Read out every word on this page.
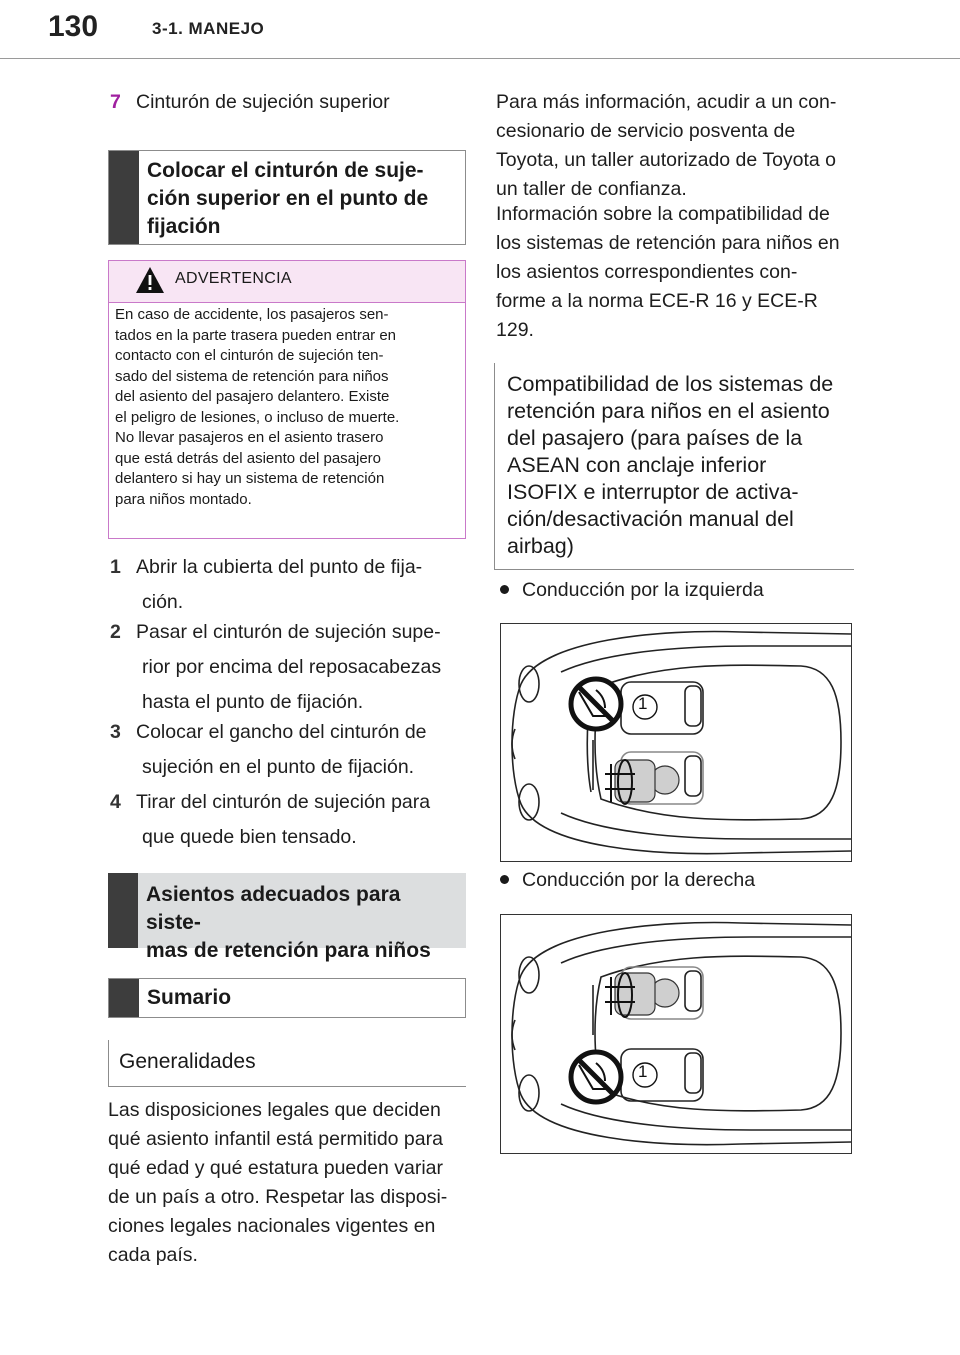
130	3-1. MANEJO
7 Cinturón de sujeción superior
Colocar el cinturón de suje-
ción superior en el punto de
fijación
ADVERTENCIA
En caso de accidente, los pasajeros sen-
tados en la parte trasera pueden entrar en
contacto con el cinturón de sujeción ten-
sado del sistema de retención para niños
del asiento del pasajero delantero. Existe
el peligro de lesiones, o incluso de muerte.
No llevar pasajeros en el asiento trasero
que está detrás del asiento del pasajero
delantero si hay un sistema de retención
para niños montado.
1 Abrir la cubierta del punto de fija-
ción.
2 Pasar el cinturón de sujeción supe-
rior por encima del reposacabezas
hasta el punto de fijación.
3 Colocar el gancho del cinturón de
sujeción en el punto de fijación.
4 Tirar del cinturón de sujeción para
que quede bien tensado.
Asientos adecuados para siste-
mas de retención para niños
Sumario
Generalidades
Las disposiciones legales que deciden
qué asiento infantil está permitido para
qué edad y qué estatura pueden variar
de un país a otro. Respetar las disposi-
ciones legales nacionales vigentes en
cada país.
Para más información, acudir a un con-
cesionario de servicio posventa de
Toyota, un taller autorizado de Toyota o
un taller de confianza.
Información sobre la compatibilidad de
los sistemas de retención para niños en
los asientos correspondientes con-
forme a la norma ECE-R 16 y ECE-R
129.
Compatibilidad de los sistemas de
retención para niños en el asiento
del pasajero (para países de la
ASEAN con anclaje inferior
ISOFIX e interruptor de activa-
ción/desactivación manual del
airbag)
Conducción por la izquierda
1
Conducción por la derecha
1
